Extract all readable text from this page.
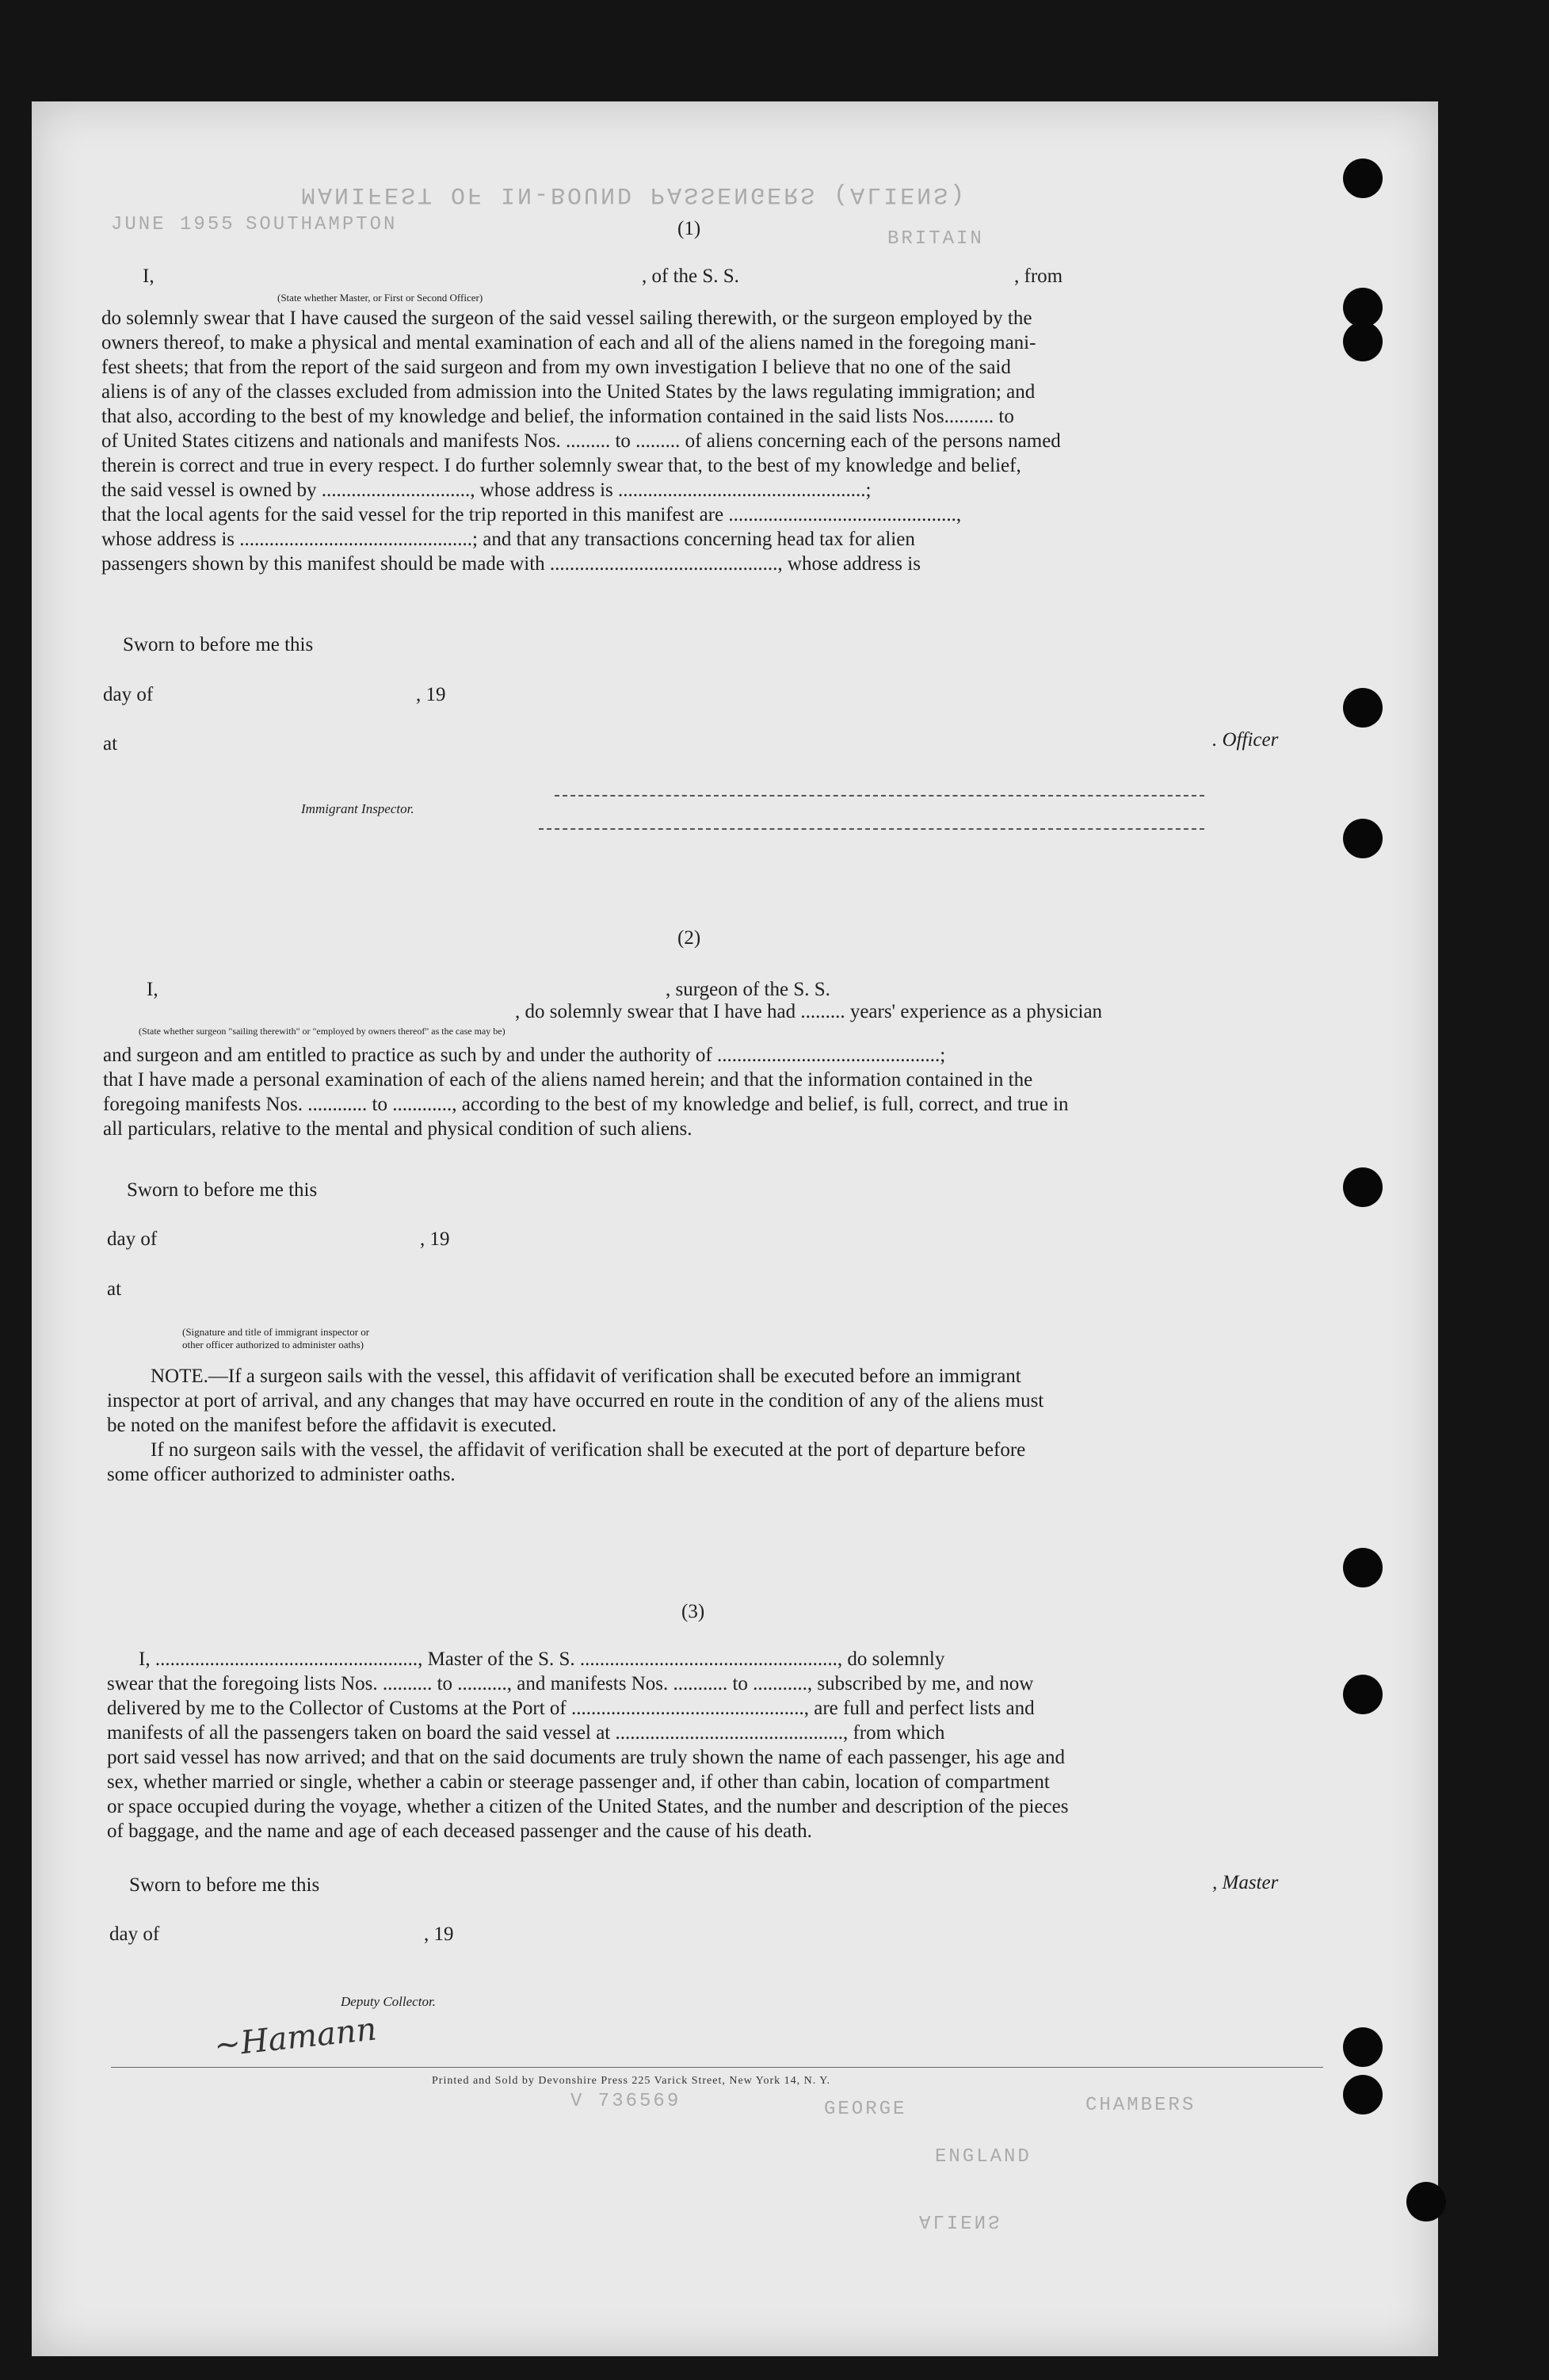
MANIFEST OF IN-BOUND PASSENGERS (ALIENS)
SOUTHAMPTON
JUNE 1955
BRITAIN
ENGLAND
V 736569	CHAMBERS
GEORGE
ALIENS
(1)
I,	, of the S. S.	, from
(State whether Master, or First or Second Officer)
do solemnly swear that I have caused the surgeon of the said vessel sailing therewith, or the surgeon employed by the
owners thereof, to make a physical and mental examination of each and all of the aliens named in the foregoing mani-
fest sheets; that from the report of the said surgeon and from my own investigation I believe that no one of the said
aliens is of any of the classes excluded from admission into the United States by the laws regulating immigration; and
that also, according to the best of my knowledge and belief, the information contained in the said lists Nos.......... to
of United States citizens and nationals and manifests Nos. ......... to ......... of aliens concerning each of the persons named
therein is correct and true in every respect. I do further solemnly swear that, to the best of my knowledge and belief,
the said vessel is owned by .............................., whose address is ..................................................;
that the local agents for the said vessel for the trip reported in this manifest are ..............................................,
whose address is ...............................................; and that any transactions concerning head tax for alien
passengers shown by this manifest should be made with .............................................., whose address is
Sworn to before me this
day of	, 19
at	. Officer
Immigrant Inspector.
(2)
I,	, surgeon of the S. S.
, do solemnly swear that I have had ......... years' experience as a physician
(State whether surgeon "sailing therewith" or "employed by owners thereof" as the case may be)
and surgeon and am entitled to practice as such by and under the authority of .............................................;
that I have made a personal examination of each of the aliens named herein; and that the information contained in the
foregoing manifests Nos. ............ to ............, according to the best of my knowledge and belief, is full, correct, and true in
all particulars, relative to the mental and physical condition of such aliens.
Sworn to before me this
day of	, 19
at
(Signature and title of immigrant inspector or
other officer authorized to administer oaths)
NOTE.—If a surgeon sails with the vessel, this affidavit of verification shall be executed before an immigrant
inspector at port of arrival, and any changes that may have occurred en route in the condition of any of the aliens must
be noted on the manifest before the affidavit is executed.
If no surgeon sails with the vessel, the affidavit of verification shall be executed at the port of departure before
some officer authorized to administer oaths.
(3)
I, ....................................................., Master of the S. S. ...................................................., do solemnly
swear that the foregoing lists Nos. .......... to .........., and manifests Nos. ........... to ..........., subscribed by me, and now
delivered by me to the Collector of Customs at the Port of ..............................................., are full and perfect lists and
manifests of all the passengers taken on board the said vessel at .............................................., from which
port said vessel has now arrived; and that on the said documents are truly shown the name of each passenger, his age and
sex, whether married or single, whether a cabin or steerage passenger and, if other than cabin, location of compartment
or space occupied during the voyage, whether a citizen of the United States, and the number and description of the pieces
of baggage, and the name and age of each deceased passenger and the cause of his death.
Sworn to before me this	, Master
day of	, 19
Deputy Collector.
~Hamann
Printed and Sold by Devonshire Press 225 Varick Street, New York 14, N. Y.
